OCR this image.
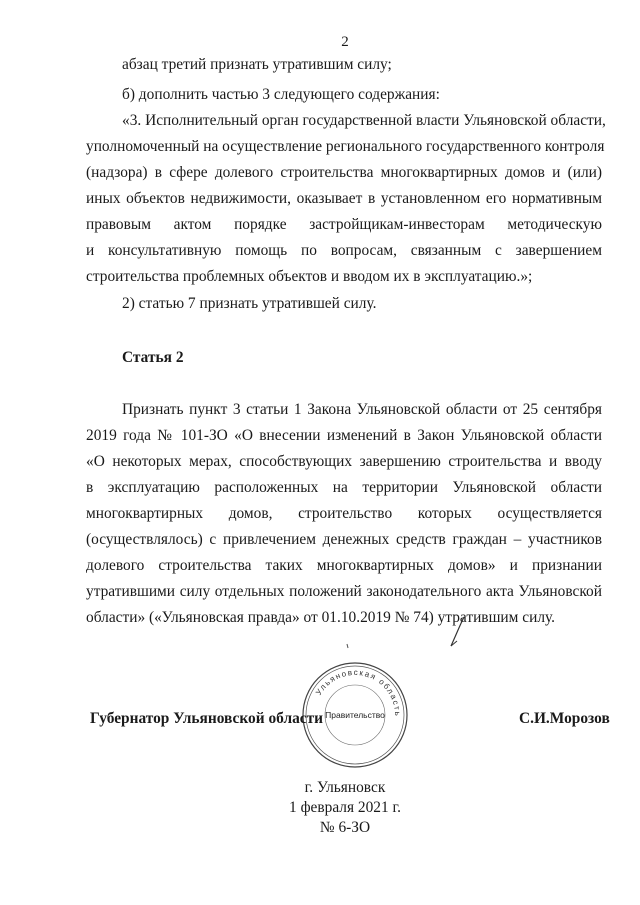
2
абзац третий признать утратившим силу;
б) дополнить частью 3 следующего содержания:
«3. Исполнительный орган государственной власти Ульяновской области,
уполномоченный на осуществление регионального государственного контроля
(надзора) в сфере долевого строительства многоквартирных домов и (или)
иных объектов недвижимости, оказывает в установленном его нормативным
правовым актом порядке застройщикам-инвесторам методическую
и консультативную помощь по вопросам, связанным с завершением
строительства проблемных объектов и вводом их в эксплуатацию.»;
2) статью 7 признать утратившей силу.
Статья 2
Признать пункт 3 статьи 1 Закона Ульяновской области от 25 сентября
2019 года № 101-ЗО «О внесении изменений в Закон Ульяновской области
«О некоторых мерах, способствующих завершению строительства и вводу
в эксплуатацию расположенных на территории Ульяновской области
многоквартирных домов, строительство которых осуществляется
(осуществлялось) с привлечением денежных средств граждан – участников
долевого строительства таких многоквартирных домов» и признании
утратившими силу отдельных положений законодательного акта Ульяновской
области» («Ульяновская правда» от 01.10.2019 № 74) утратившим силу.
Ульяновская область
Правительство
Губернатор Ульяновской области	С.И.Морозов
г. Ульяновск
1 февраля 2021 г.
№ 6-ЗО
